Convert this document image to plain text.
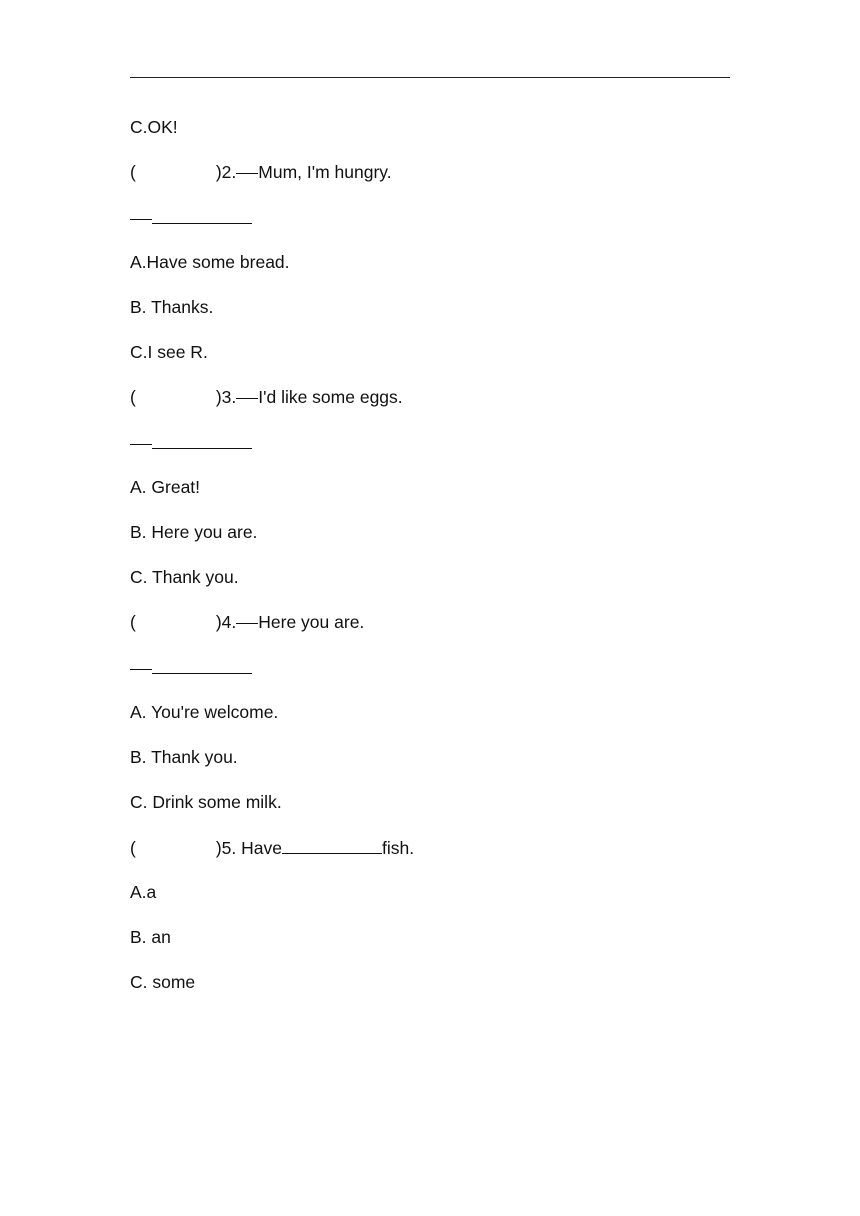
C.OK!
(	)2. Mum, I'm hungry.
A.Have some bread.
B. Thanks.
C.I see R.
(	)3. I'd like some eggs.
A. Great!
B. Here you are.
C. Thank you.
(	)4. Here you are.
A. You're welcome.
B. Thank you.
C. Drink some milk.
(	)5. Have	fish.
A.a
B. an
C. some
